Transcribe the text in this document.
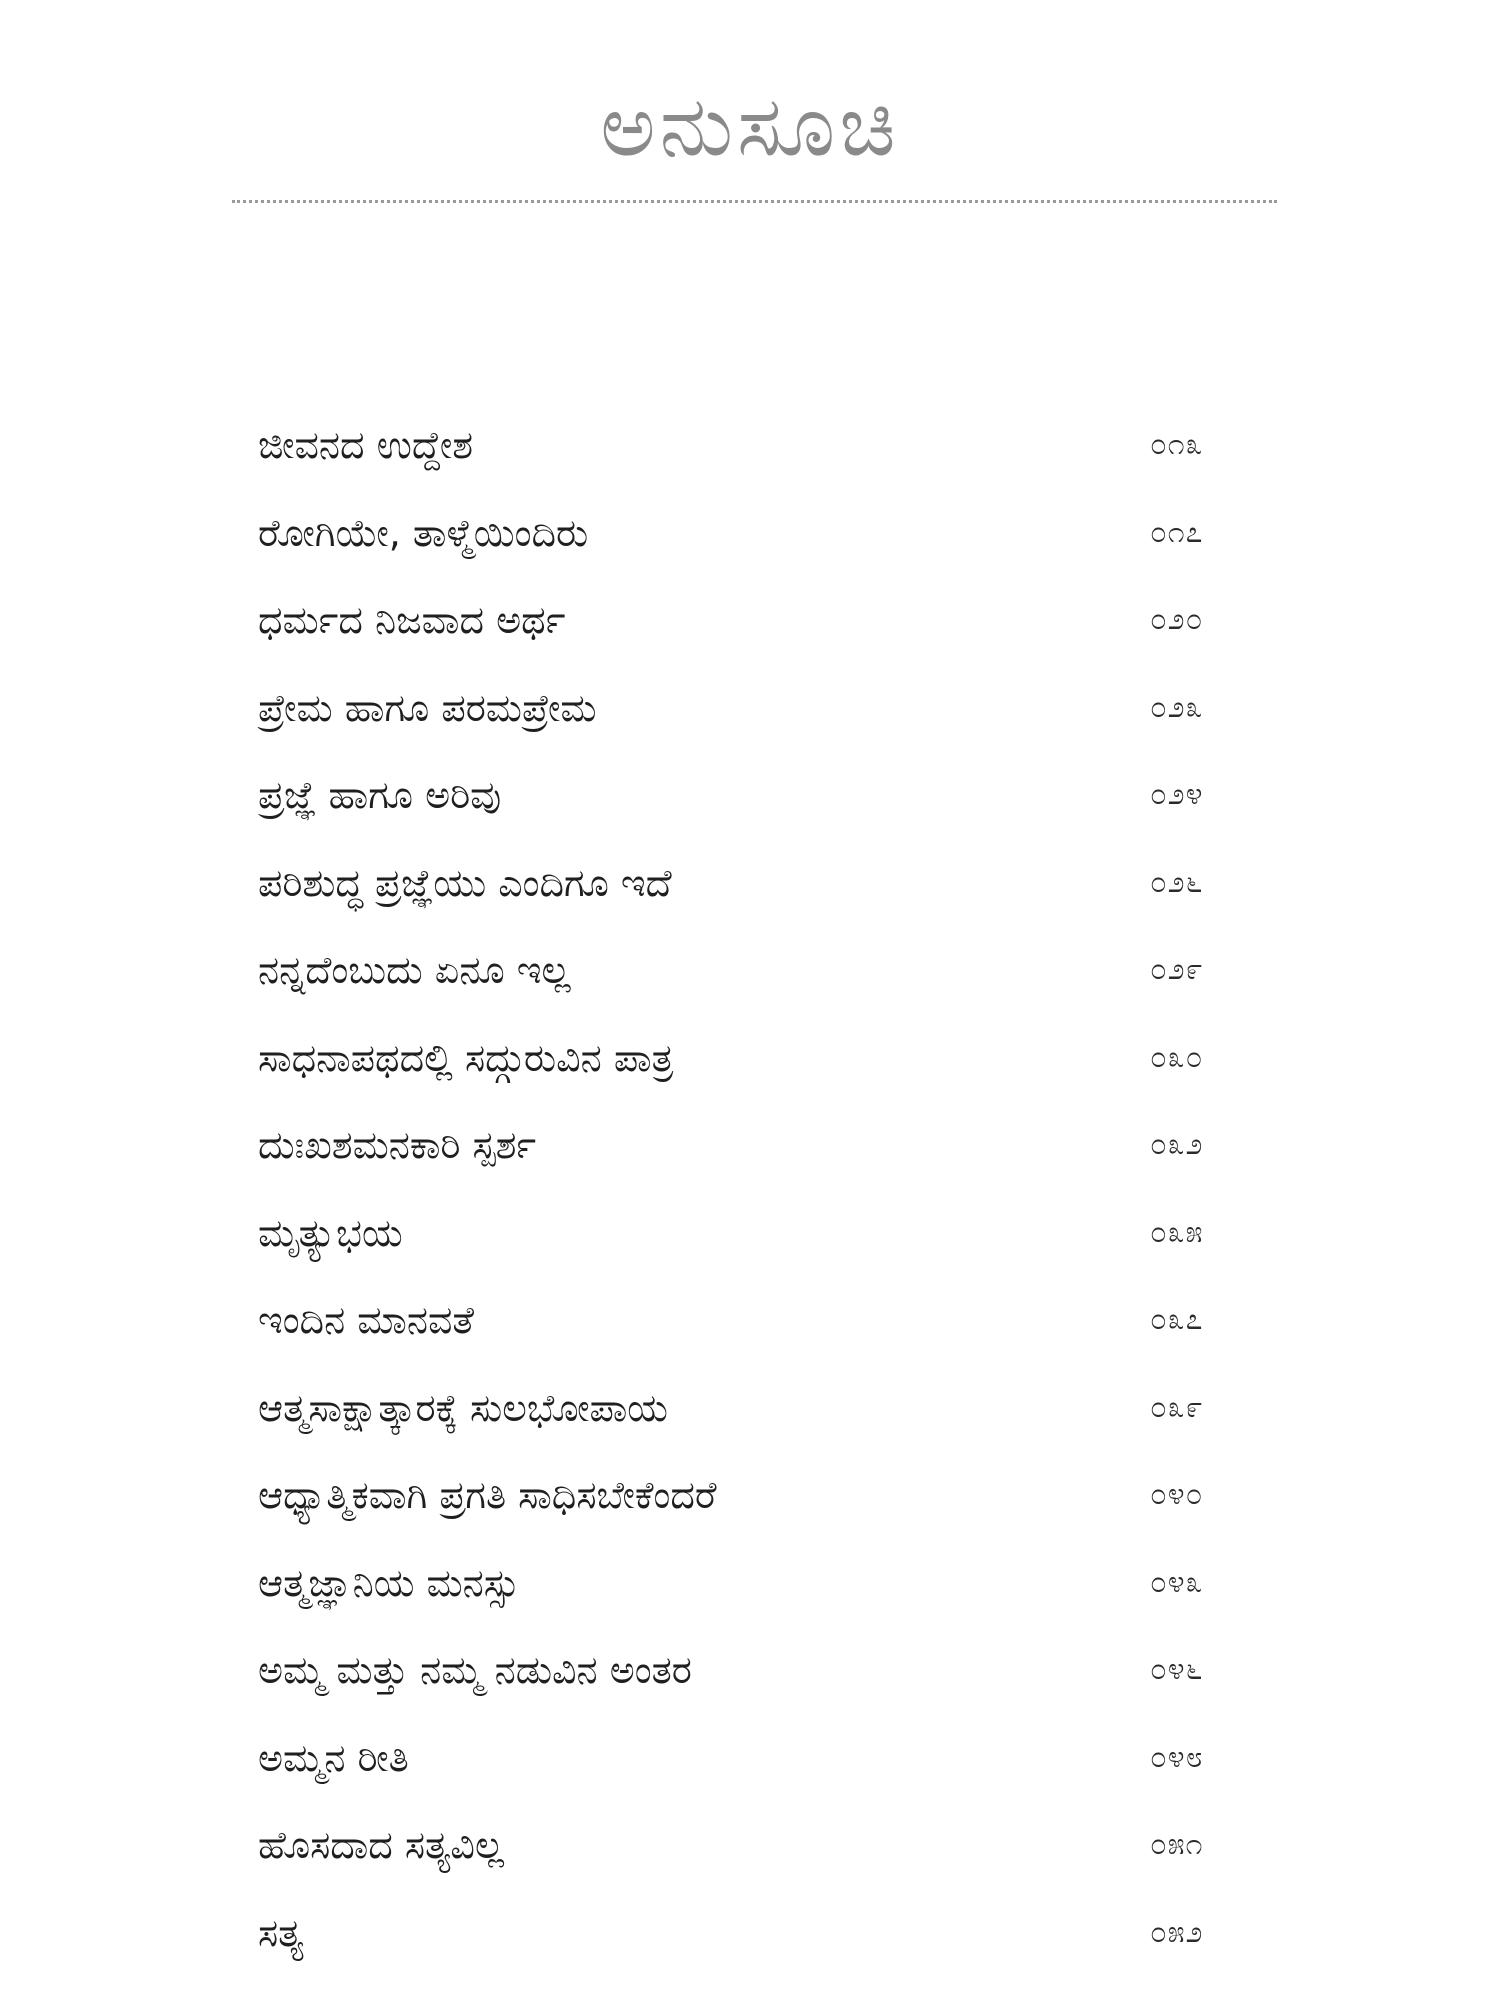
ಅನುಸೂಚಿ
ಜೀವನದ ಉದ್ದೇಶ	೦೧೩
ರೋಗಿಯೇ, ತಾಳ್ಮೆಯಿಂದಿರು	೦೧೭
ಧರ್ಮದ ನಿಜವಾದ ಅರ್ಥ	೦೨೦
ಪ್ರೇಮ ಹಾಗೂ ಪರಮಪ್ರೇಮ	೦೨೩
ಪ್ರಜ್ಞೆ ಹಾಗೂ ಅರಿವು	೦೨೪
ಪರಿಶುದ್ಧ ಪ್ರಜ್ಞೆಯು ಎಂದಿಗೂ ಇದೆ	೦೨೬
ನನ್ನದೆಂಬುದು ಏನೂ ಇಲ್ಲ	೦೨೯
ಸಾಧನಾಪಥದಲ್ಲಿ ಸದ್ಗುರುವಿನ ಪಾತ್ರ	೦೩೦
ದುಃಖಶಮನಕಾರಿ ಸ್ಪರ್ಶ	೦೩೨
ಮೃತ್ಯುಭಯ	೦೩೫
ಇಂದಿನ ಮಾನವತೆ	೦೩೭
ಆತ್ಮಸಾಕ್ಷಾತ್ಕಾರಕ್ಕೆ ಸುಲಭೋಪಾಯ	೦೩೯
ಆಧ್ಯಾತ್ಮಿಕವಾಗಿ ಪ್ರಗತಿ ಸಾಧಿಸಬೇಕೆಂದರೆ	೦೪೦
ಆತ್ಮಜ್ಞಾನಿಯ ಮನಸ್ಸು	೦೪೩
ಅಮ್ಮ ಮತ್ತು ನಮ್ಮ ನಡುವಿನ ಅಂತರ	೦೪೬
ಅಮ್ಮನ ರೀತಿ	೦೪೮
ಹೊಸದಾದ ಸತ್ಯವಿಲ್ಲ	೦೫೧
ಸತ್ಯ	೦೫೨
